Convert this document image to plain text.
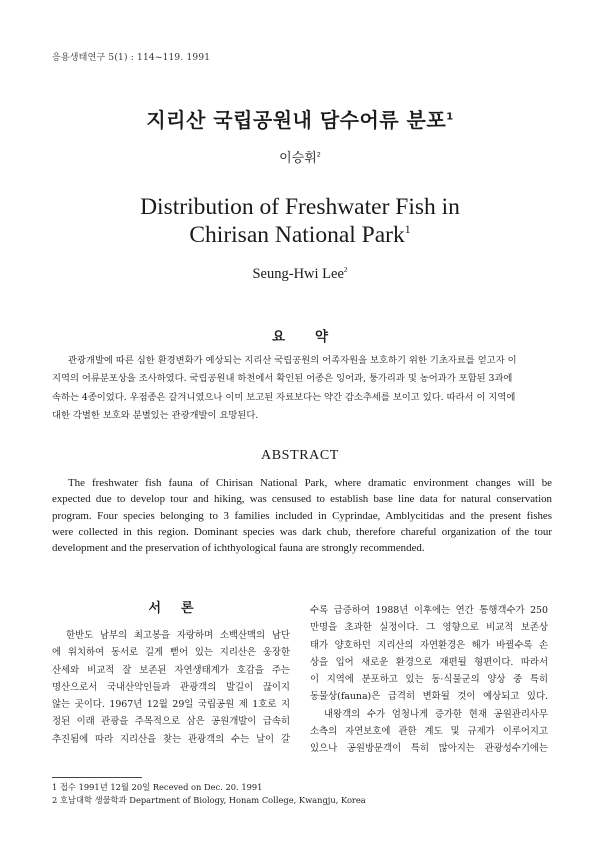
응용생태연구 5(1) : 114~119. 1991
지리산 국립공원내 담수어류 분포$^1$
이승휘$^2$
Distribution of Freshwater Fish in
Chirisan National Park$^1$
Seung-Hwi Lee$^2$
요약
관광개발에 따른 심한 환경변화가 예상되는 지리산 국립공원의 어족자원을 보호하기 위한 기초자료를 얻고자 이
지역의 어류분포상을 조사하였다. 국립공원내 하천에서 확인된 어종은 잉어과, 퉁가리과 및 농어과가 포함된 3과에
속하는 4종이었다. 우점종은 갈겨니였으나 이미 보고된 자료보다는 약간 감소추세를 보이고 있다. 따라서 이 지역에
대한 각별한 보호와 분별있는 관광개발이 요망된다.
ABSTRACT
The freshwater fish fauna of Chirisan National Park, where dramatic environment changes will be
expected due to develop tour and hiking, was censused to establish base line data for natural conservation
program. Four species belonging to 3 families included in Cyprindae, Amblycitidas and the present fishes
were collected in this region. Dominant species was dark chub, therefore chareful organization of the tour
development and the preservation of ichthyological fauna are strongly recommended.
서론
한반도 남부의 최고봉을 자랑하며 소백산맥의 남단
에 위치하여 동서로 길게 뻗어 있는 지리산은 웅장한
산세와 비교적 잘 보존된 자연생태계가 호감을 주는
명산으로서 국내산악인들과 관광객의 발길이 끊이지
않는 곳이다. 1967년 12월 29일 국립공원 제 1호로 지
정된 이래 관광을 주목적으로 삼은 공원개발이 급속히
추진됨에 따라 지리산을 찾는 관광객의 수는 날이 갈
수록 급증하여 1988년 이후에는 연간 통행객수가 250
만명을 초과한 실정이다. 그 영향으로 비교적 보존상
태가 양호하던 지리산의 자연환경은 해가 바뀔수록 손
상을 입어 새로운 환경으로 재편될 형편이다. 따라서
이 지역에 분포하고 있는 동·식물군의 양상 중 특히
동물상(fauna)은 급격히 변화될 것이 예상되고 있다.
내왕객의 수가 엄청나게 증가한 현재 공원관리사무
소측의 자연보호에 관한 계도 및 규제가 이루어지고
있으나 공원방문객이 특히 많아지는 관광성수기에는
1 접수 1991년 12월 20일 Receved on Dec. 20. 1991
2 호남대학 생물학과 Department of Biology, Honam College, Kwangju, Korea
